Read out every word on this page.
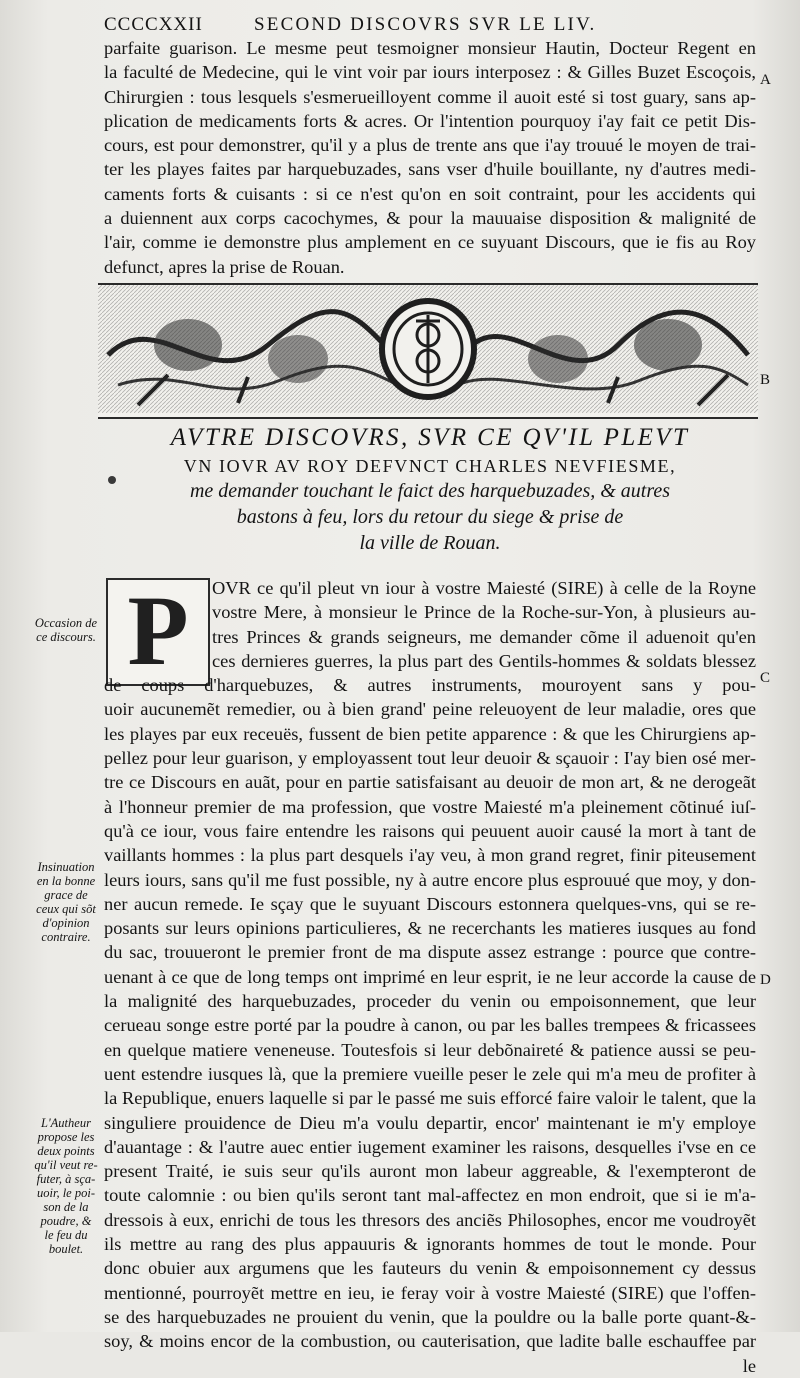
CCCCXXII	SECOND DISCOVRS SVR LE LIV.
parfaite guarison. Le mesme peut tesmoigner monsieur Hautin, Docteur Regent en
la faculté de Medecine, qui le vint voir par iours interposez : & Gilles Buzet Escoçois,
Chirurgien : tous lesquels s'esmerueilloyent comme il auoit esté si tost guary, sans ap-
plication de medicaments forts & acres. Or l'intention pourquoy i'ay fait ce petit Dis-
cours, est pour demonstrer, qu'il y a plus de trente ans que i'ay trouué le moyen de trai-
ter les playes faites par harquebuzades, sans vser d'huile bouillante, ny d'autres medi-
caments forts & cuisants : si ce n'est qu'on en soit contraint, pour les accidents qui
a duiennent aux corps cacochymes, & pour la mauuaise disposition & malignité de
l'air, comme ie demonstre plus amplement en ce suyuant Discours, que ie fis au Roy
defunct, apres la prise de Rouan.
A
B
C
D
AVTRE DISCOVRS, SVR CE QV'IL PLEVT
VN IOVR AV ROY DEFVNCT CHARLES NEVFIESME,
me demander touchant le faict des harquebuzades, & autres
bastons à feu, lors du retour du siege & prise de
la ville de Rouan.
P	OVR ce qu'il pleut vn iour à vostre Maiesté (SIRE) à celle de la Royne
vostre Mere, à monsieur le Prince de la Roche-sur-Yon, à plusieurs au-
tres Princes & grands seigneurs, me demander cõme il aduenoit qu'en
ces dernieres guerres, la plus part des Gentils-hommes & soldats blessez
de coups d'harquebuzes, & autres instruments, mouroyent sans y pou-
uoir aucunemẽt remedier, ou à bien grand' peine releuoyent de leur maladie, ores que
les playes par eux receuës, fussent de bien petite apparence : & que les Chirurgiens ap-
pellez pour leur guarison, y employassent tout leur deuoir & sçauoir : I'ay bien osé mer-
tre ce Discours en auãt, pour en partie satisfaisant au deuoir de mon art, & ne derogeãt
à l'honneur premier de ma profession, que vostre Maiesté m'a pleinement cõtinué iuſ-
qu'à ce iour, vous faire entendre les raisons qui peuuent auoir causé la mort à tant de
vaillants hommes : la plus part desquels i'ay veu, à mon grand regret, finir piteusement
leurs iours, sans qu'il me fust possible, ny à autre encore plus esprouué que moy, y don-
ner aucun remede. Ie sçay que le suyuant Discours estonnera quelques-vns, qui se re-
posants sur leurs opinions particulieres, & ne recerchants les matieres iusques au fond
du sac, trouueront le premier front de ma dispute assez estrange : pource que contre-
uenant à ce que de long temps ont imprimé en leur esprit, ie ne leur accorde la cause de
la malignité des harquebuzades, proceder du venin ou empoisonnement, que leur
cerueau songe estre porté par la poudre à canon, ou par les balles trempees & fricassees
en quelque matiere veneneuse. Toutesfois si leur debõnaireté & patience aussi se peu-
uent estendre iusques là, que la premiere vueille peser le zele qui m'a meu de profiter à
la Republique, enuers laquelle si par le passé me suis efforcé faire valoir le talent, que la
singuliere prouidence de Dieu m'a voulu departir, encor' maintenant ie m'y employe
d'auantage : & l'autre auec entier iugement examiner les raisons, desquelles i'vse en ce
present Traité, ie suis seur qu'ils auront mon labeur aggreable, & l'exempteront de
toute calomnie : ou bien qu'ils seront tant mal-affectez en mon endroit, que si ie m'a-
dressois à eux, enrichi de tous les thresors des anciẽs Philosophes, encor me voudroyẽt
ils mettre au rang des plus appauuris & ignorants hommes de tout le monde. Pour
donc obuier aux argumens que les fauteurs du venin & empoisonnement cy dessus
mentionné, pourroyẽt mettre en ieu, ie feray voir à vostre Maiesté (SIRE) que l'offen-
se des harquebuzades ne prouient du venin, que la pouldre ou la balle porte quant-&-
soy, & moins encor de la combustion, ou cauterisation, que ladite balle eschauffee par
le
Occasion de
ce discours.
Insinuation
en la bonne
grace de
ceux qui sõt
d'opinion
contraire.
L'Autheur
propose les
deux points
qu'il veut re-
futer, à sça-
uoir, le poi-
son de la
poudre, &
le feu du
boulet.
